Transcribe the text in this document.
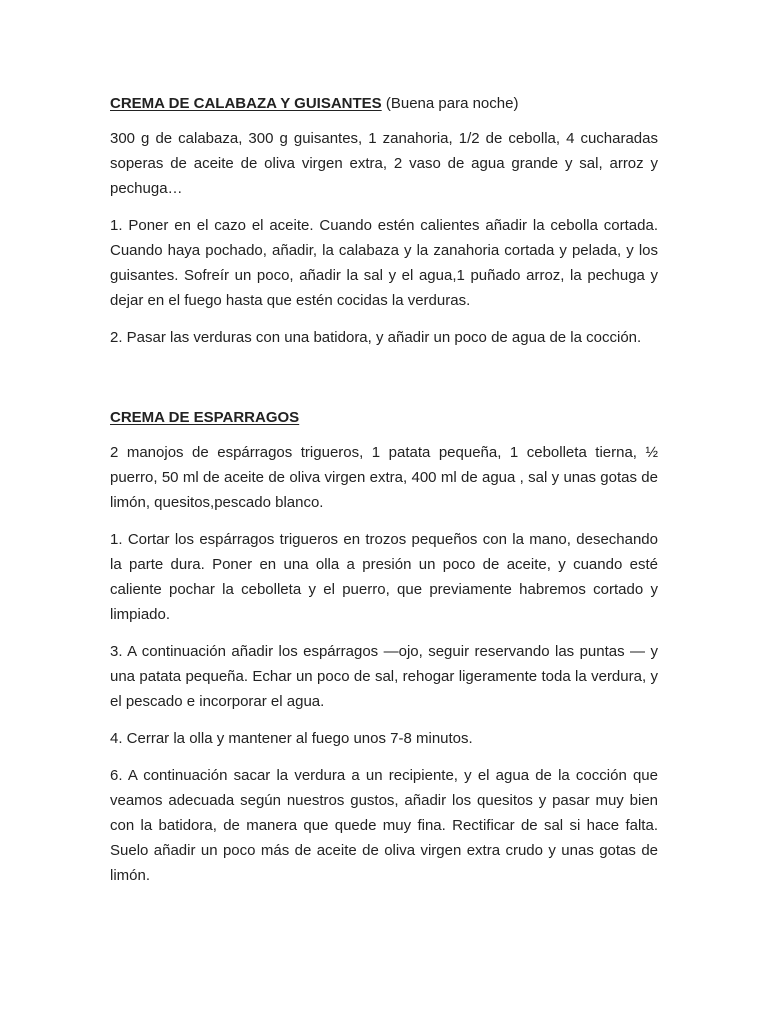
CREMA DE CALABAZA Y GUISANTES (Buena para noche)

300 g de calabaza, 300 g guisantes, 1 zanahoria, 1/2 de cebolla, 4 cucharadas soperas de aceite de oliva virgen extra, 2 vaso de agua grande y sal, arroz y pechuga…

1. Poner en el cazo el aceite. Cuando estén calientes añadir la cebolla cortada. Cuando haya pochado, añadir, la calabaza y la zanahoria cortada y pelada, y los guisantes. Sofreír un poco, añadir la sal y el agua,1 puñado arroz, la pechuga y dejar en el fuego hasta que estén cocidas la verduras.

2. Pasar las verduras con una batidora, y añadir un poco de agua de la cocción.

CREMA DE ESPARRAGOS

2 manojos de espárragos trigueros, 1 patata pequeña, 1 cebolleta tierna, ½ puerro, 50 ml de aceite de oliva virgen extra, 400 ml de agua , sal y unas gotas de limón, quesitos,pescado blanco.

1. Cortar los espárragos trigueros en trozos pequeños con la mano, desechando la parte dura. Poner en una olla a presión un poco de aceite, y cuando esté caliente pochar la cebolleta y el puerro, que previamente habremos cortado y limpiado.

3. A continuación añadir los espárragos —ojo, seguir reservando las puntas — y una patata pequeña. Echar un poco de sal, rehogar ligeramente toda la verdura, y el pescado e incorporar el agua.

4. Cerrar la olla y mantener al fuego unos 7-8 minutos.

6. A continuación sacar la verdura a un recipiente, y el agua de la cocción que veamos adecuada según nuestros gustos, añadir los quesitos y pasar muy bien con la batidora, de manera que quede muy fina. Rectificar de sal si hace falta. Suelo añadir un poco más de aceite de oliva virgen extra crudo y unas gotas de limón.
